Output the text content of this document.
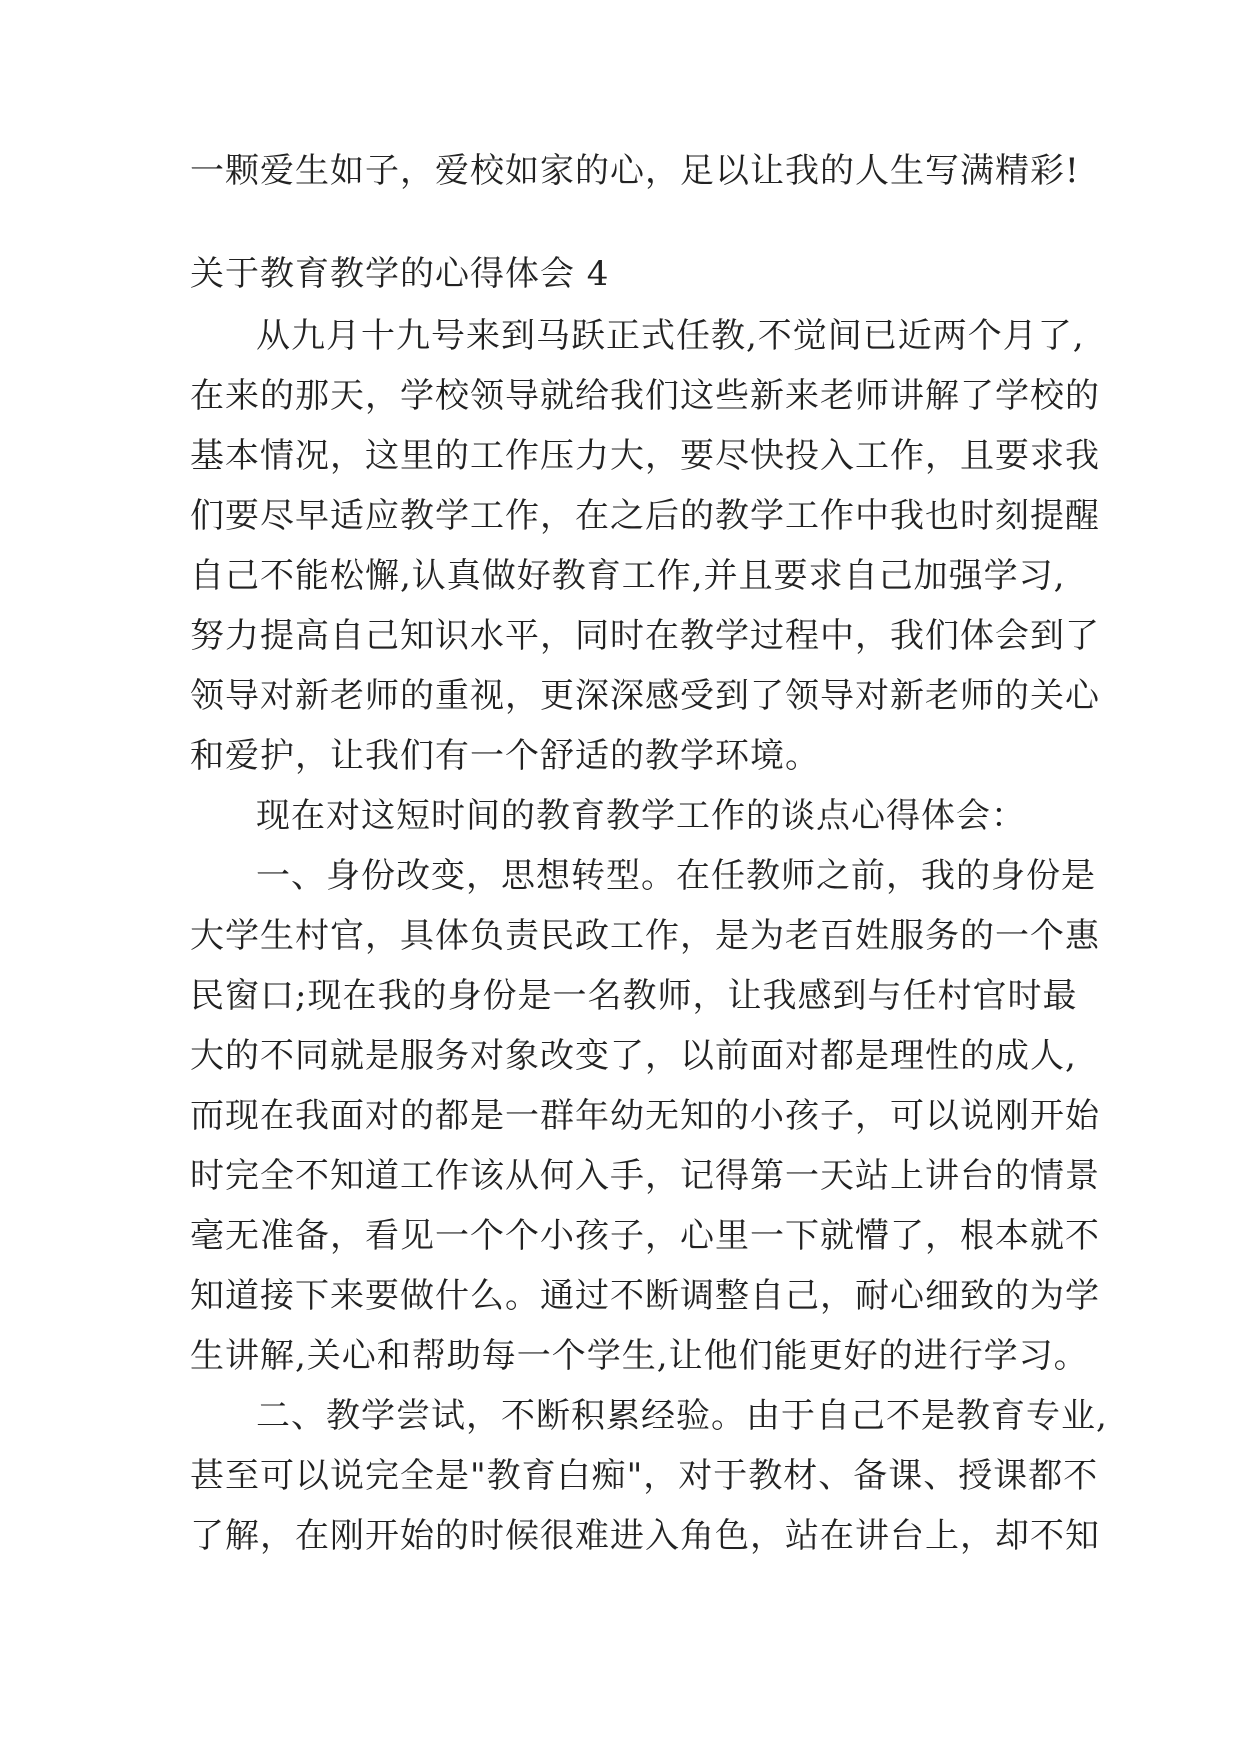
一颗爱生如子，爱校如家的心，足以让我的人生写满精彩!
关于教育教学的心得体会 4
从九月十九号来到马跃正式任教,不觉间已近两个月了,
在来的那天，学校领导就给我们这些新来老师讲解了学校的
基本情况，这里的工作压力大，要尽快投入工作，且要求我
们要尽早适应教学工作，在之后的教学工作中我也时刻提醒
自己不能松懈,认真做好教育工作,并且要求自己加强学习,
努力提高自己知识水平，同时在教学过程中，我们体会到了
领导对新老师的重视，更深深感受到了领导对新老师的关心
和爱护，让我们有一个舒适的教学环境。
现在对这短时间的教育教学工作的谈点心得体会：
一、身份改变，思想转型。在任教师之前，我的身份是
大学生村官，具体负责民政工作，是为老百姓服务的一个惠
民窗口;现在我的身份是一名教师，让我感到与任村官时最
大的不同就是服务对象改变了，以前面对都是理性的成人,
而现在我面对的都是一群年幼无知的小孩子，可以说刚开始
时完全不知道工作该从何入手，记得第一天站上讲台的情景
毫无准备，看见一个个小孩子，心里一下就懵了，根本就不
知道接下来要做什么。通过不断调整自己，耐心细致的为学
生讲解,关心和帮助每一个学生,让他们能更好的进行学习。
二、教学尝试，不断积累经验。由于自己不是教育专业,
甚至可以说完全是"教育白痴"，对于教材、备课、授课都不
了解，在刚开始的时候很难进入角色，站在讲台上，却不知
